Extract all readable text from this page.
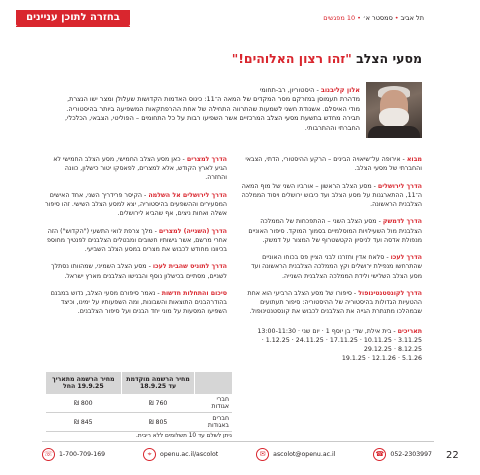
בחזרה לתוכן עניינים	תל אביב•סמסטר א׳•10 מפגשים
מסעי הצלב "זהו רצון האלוהים!"
אלון קליבנוב - היסטוריון, רב-תחומי
מדהרת תעמוסן במזרקם מסר המקדים של המאה ה־11: כינוס האדמות הקדושות שעלולן ומצר ישו הנצרת, מודי האיסלם. אשנודת חשני לשמעות שהתרווה התחילה של אחת ההרפתקאות המשפיעה ביותר בהיסטוריה. תבירה מחדש בתשעת מסעי הצלב המרכזיים אשר השפיעו רבות על כל התחומים – הפוליטי, הצבאי, הכלכלי, החברתי וההתרבותי.
מבוא - אירופה על־שיאויה הבינים – הרקע ההיסטורי, הדתי, הצבאי והחברתי של מסעי הצלב.
הדרך לירושלים - מסע הצלב הראשון – אורביו השני של מוף המאה ה־11, ההתארגנות על מסע הצלב ועד כיבוש ירושלים ויסוד הממלכה הצלבנית הראשונה.
הדרך לדמשק - מסע הצלב השני – ההתפכחות של הממלכה הצלבנית מול השעילויות המוסלמיים בסמוך המוקד. סיפור האוניים מנפולת אדסה ועד לניסיון הקטשטרוף של המצור על דמשק.
הדרך לעכו - סלאח אדין וחזרנו לבני הציין פס בכוחו האוניים שהתרחשו מנפילת ירושלים וקץ הממלכה הצלבנית הראשונה ועד מסע הצלב השלישי ולידת הממלכה הצלבנית השנייה.
הדרך לקונסטנטינופול - סיפורו של מסע הצלב הרביעי הוא אחת ההטעיות הגדולות בהיסטוריה של ההיסטוריה: סיפור תעתועים שבמהלכו מתנתרת הגייה את הצלבנים לכבוש את קונסטנטינופול.
תאריכים - בית אילת, שד׳ בן יוסף 1 · יום שני · 13:00-11:30
3.11.25 · 10.11.25 · 17.11.25 · 24.11.25 · 1.12.25 · 8.12.25 · 29.12.25
5.1.26 · 12.1.26 · 19.1.25
הדרך למצרים - כאן מסע הצלב החמישי, מסע הצלב החמישי לא הגיע לארץ הקודש, אלא למצרים, לפאסקו יטור כישלון, כוונה והחזרה.
הדרך לירושלים אל השלמה - הקיסר פרידריך השני, אחד האישים המסעירים וההשפעים בהיסטוריה, יצא למסע הצלב השישי. זהו סיפור אשלה ואחות ניצים, אף שהביא לירושלים.
הדרך (השנייה) למצרים - מלך צרפת לואי התשעי ("הקדוש") הזה אחרי מרשם, אשר גישותיו חשובים ומבטלים הצלבנים לפנטיך מחוספ בכיוונו מחודש לכבוש את מצרים במסע הצלב השביעי.
הדרך לתוניס שהבית לעכו - מסע הצלב השמיני, שמהוותו נסתלך לשניים, מסתיים בכישלון נוסף והבנישו הצלבנים מארץ ישראל.
סיכום והתחלות חדשות - נאמר סיפורם מסעי הצלב, נדוש במבנם בהודרהבנים התוצאות והשבונות, ומה השפעותיו על ימינו, וכיצד השפיעו המסעות על מוני יחד הבנים ועל סיפור הצלבנים.
	מחיר הרשמה מוקדמת עד 18.9.25	מחיר הרשמה מתאריך 19.9.25 החל
חברי אגודות	760 ₪	800 ₪
חברים באגודות	805 ₪	845 ₪
ניתן לשלם עד 10 תשלומים ללא ריבית.
☏ 1-700-709-169	⌖	openu.ac.il/ascolot	✉	ascolot@openu.ac.il	☎ 052-2303997 22
